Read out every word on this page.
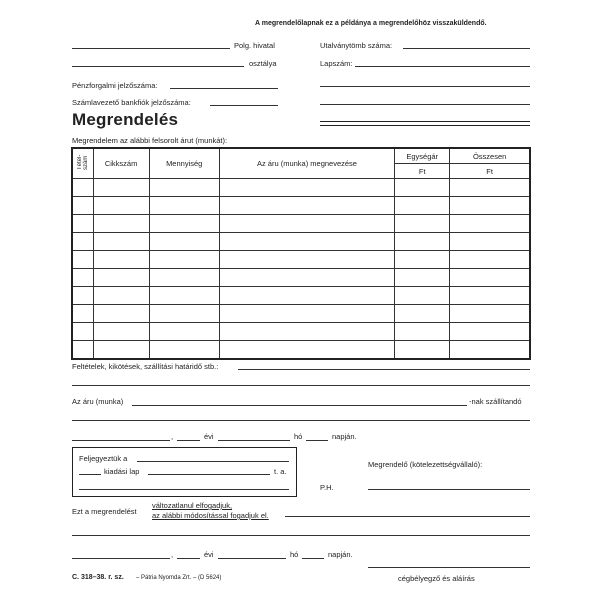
A megrendelőlapnak ez a példánya a megrendelőhöz visszaküldendő.
Polg. hivatal
osztálya
Pénzforgalmi jelzőszáma:
Számlavezető bankfiók jelzőszáma:
Utalványtömb száma:
Lapszám:
Megrendelés
Megrendelem az alábbi felsorolt árut (munkát):
Tétel-szám	Cikkszám	Mennyiség	Az áru (munka) megnevezése	Egységár	Összesen
				Ft	Ft

Feltételek, kikötések, szállítási határidő stb.:
Az áru (munka)	-nak szállítandó
,	évi	hó	napján.
Feljegyeztük a
kiadási lap	t. a.
Megrendelő (kötelezettségvállaló):
P.H.
Ezt a megrendelést
változatlanul elfogadjuk,
az alábbi módosítással fogadjuk el.
,	évi	hó	napján.
C. 318–38. r. sz. – Pátria Nyomda Zrt. – (D 5624)	cégbélyegző és aláírás
